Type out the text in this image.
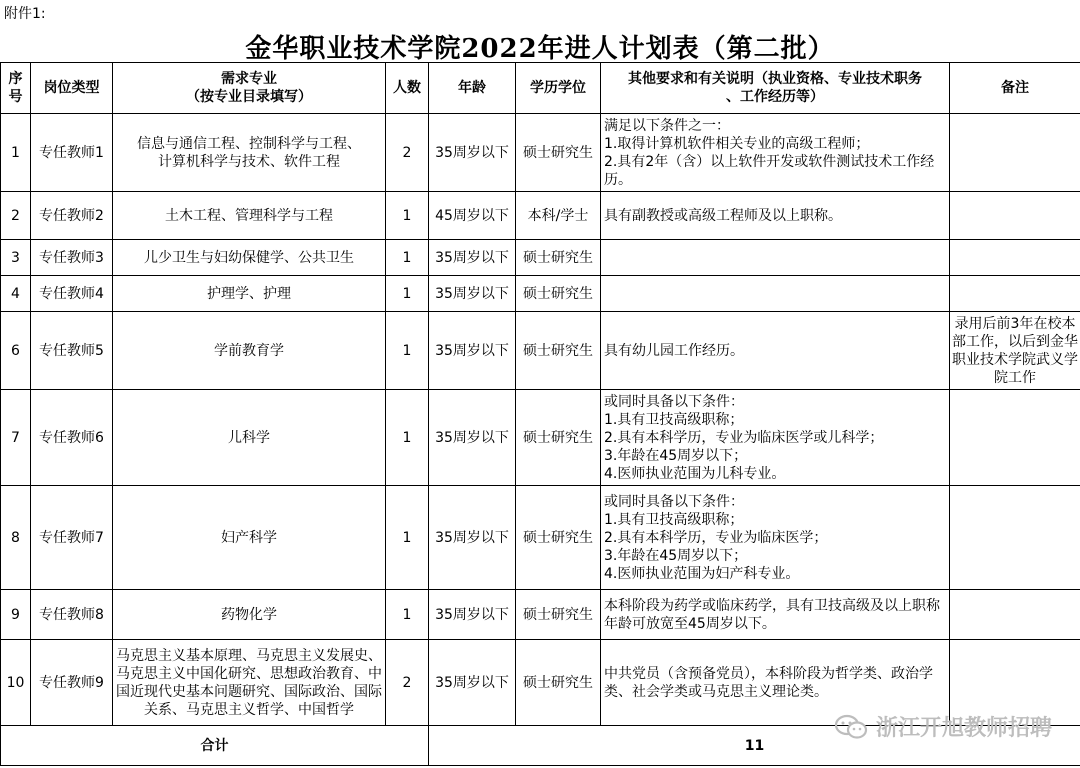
附件1:
金华职业技术学院2022年进人计划表（第二批）
序
号	岗位类型	需求专业
（按专业目录填写）	人数	年龄	学历学位	其他要求和有关说明（执业资格、专业技术职务
、工作经历等）	备注
1	专任教师1	信息与通信工程、控制科学与工程、
计算机科学与技术、软件工程	2	35周岁以下	硕士研究生	满足以下条件之一：
1.取得计算机软件相关专业的高级工程师；
2.具有2年（含）以上软件开发或软件测试技术工作经历。	
2	专任教师2	土木工程、管理科学与工程	1	45周岁以下	本科/学士	具有副教授或高级工程师及以上职称。	
3	专任教师3	儿少卫生与妇幼保健学、公共卫生	1	35周岁以下	硕士研究生		
4	专任教师4	护理学、护理	1	35周岁以下	硕士研究生		
6	专任教师5	学前教育学	1	35周岁以下	硕士研究生	具有幼儿园工作经历。	录用后前3年在校本部工作，以后到金华职业技术学院武义学院工作
7	专任教师6	儿科学	1	35周岁以下	硕士研究生	或同时具备以下条件：
1.具有卫技高级职称；
2.具有本科学历，专业为临床医学或儿科学；
3.年龄在45周岁以下；
4.医师执业范围为儿科专业。	
8	专任教师7	妇产科学	1	35周岁以下	硕士研究生	或同时具备以下条件：
1.具有卫技高级职称；
2.具有本科学历，专业为临床医学；
3.年龄在45周岁以下；
4.医师执业范围为妇产科专业。	
9	专任教师8	药物化学	1	35周岁以下	硕士研究生	本科阶段为药学或临床药学，具有卫技高级及以上职称年龄可放宽至45周岁以下。	
10	专任教师9	马克思主义基本原理、马克思主义发展史、马克思主义中国化研究、思想政治教育、中国近现代史基本问题研究、国际政治、国际关系、马克思主义哲学、中国哲学	2	35周岁以下	硕士研究生	中共党员（含预备党员），本科阶段为哲学类、政治学类、社会学类或马克思主义理论类。	
合计				11			
浙江开旭教师招聘
